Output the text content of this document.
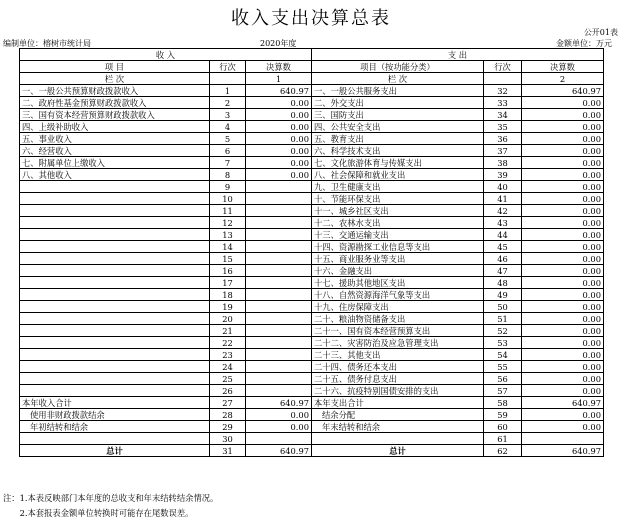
收入支出决算总表
公开01表
编制单位：榕树市统计局	2020年度	金额单位：万元
收 入			支 出		
项 目	行次	决算数	项目（按功能分类）	行次	决算数
栏 次		1	栏 次		2
一、一般公共预算财政拨款收入	1	640.97	一、一般公共服务支出	32	640.97
二、政府性基金预算财政拨款收入	2	0.00	二、外交支出	33	0.00
三、国有资本经营预算财政拨款收入	3	0.00	三、国防支出	34	0.00
四、上级补助收入	4	0.00	四、公共安全支出	35	0.00
五、事业收入	5	0.00	五、教育支出	36	0.00
六、经营收入	6	0.00	六、科学技术支出	37	0.00
七、附属单位上缴收入	7	0.00	七、文化旅游体育与传媒支出	38	0.00
八、其他收入	8	0.00	八、社会保障和就业支出	39	0.00
	9		九、卫生健康支出	40	0.00
	10		十、节能环保支出	41	0.00
	11		十一、城乡社区支出	42	0.00
	12		十二、农林水支出	43	0.00
	13		十三、交通运输支出	44	0.00
	14		十四、资源勘探工业信息等支出	45	0.00
	15		十五、商业服务业等支出	46	0.00
	16		十六、金融支出	47	0.00
	17		十七、援助其他地区支出	48	0.00
	18		十八、自然资源海洋气象等支出	49	0.00
	19		十九、住房保障支出	50	0.00
	20		二十、粮油物资储备支出	51	0.00
	21		二十一、国有资本经营预算支出	52	0.00
	22		二十二、灾害防治及应急管理支出	53	0.00
	23		二十三、其他支出	54	0.00
	24		二十四、债务还本支出	55	0.00
	25		二十五、债务付息支出	56	0.00
	26		二十六、抗疫特别国债安排的支出	57	0.00
本年收入合计	27	640.97	本年支出合计	58	640.97
使用非财政拨款结余	28	0.00	结余分配	59	0.00
年初结转和结余	29	0.00	年末结转和结余	60	0.00
	30			61	
总计	31	640.97	总计	62	640.97
注：1.本表反映部门本年度的总收支和年末结转结余情况。
　　2.本套报表金额单位转换时可能存在尾数误差。
